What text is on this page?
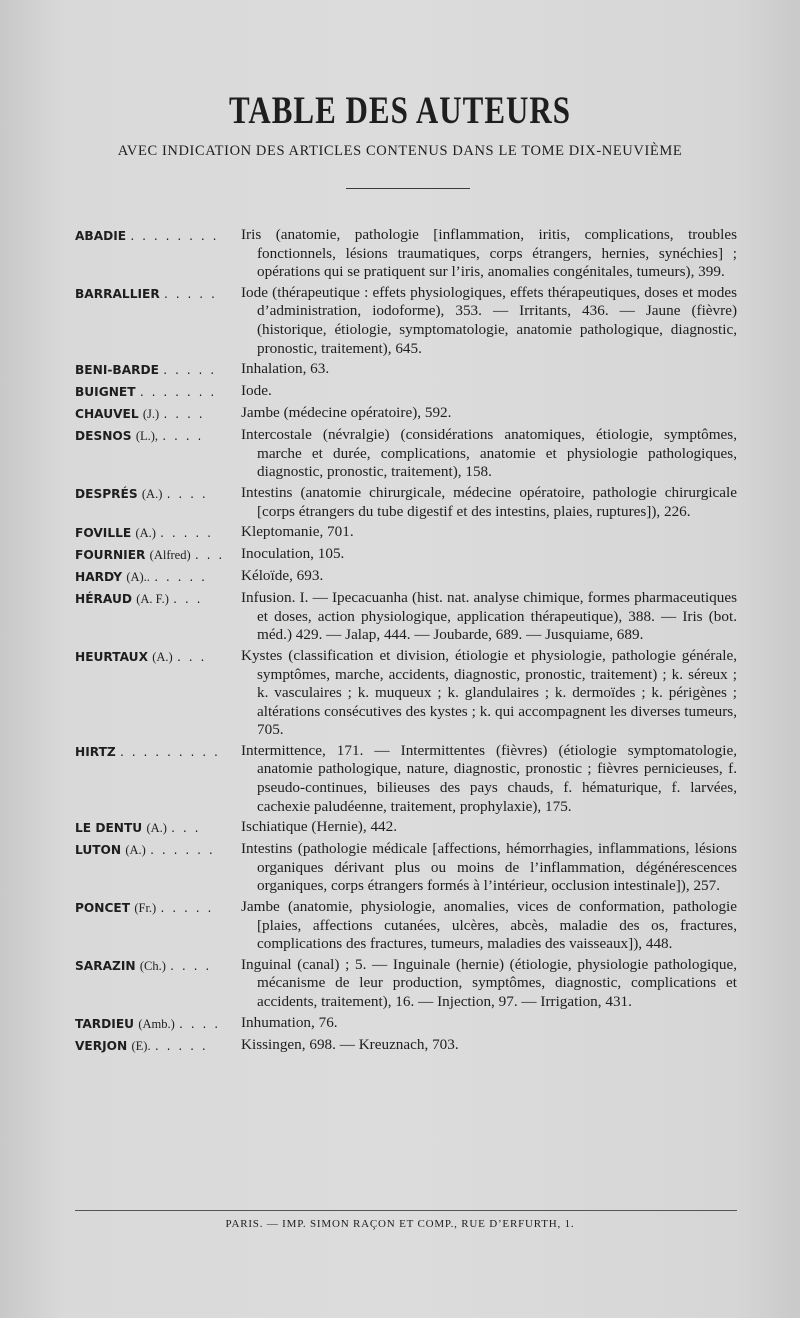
TABLE DES AUTEURS
AVEC INDICATION DES ARTICLES CONTENUS DANS LE TOME DIX-NEUVIÈME
ABADIE . . . . . . . .	Iris (anatomie, pathologie [inflammation, iritis, complications, troubles fonctionnels, lésions traumatiques, corps étrangers, hernies, synéchies] ; opérations qui se pratiquent sur l’iris, anomalies congénitales, tumeurs), 399.
BARRALLIER . . . . .	Iode (thérapeutique : effets physiologiques, effets thérapeutiques, doses et modes d’administration, iodoforme), 353. — Irritants, 436. — Jaune (fièvre) (historique, étiologie, symptomatologie, anatomie pathologique, diagnostic, pronostic, traitement), 645.
BENI-BARDE . . . . .	Inhalation, 63.
BUIGNET . . . . . . .	Iode.
CHAUVEL (J.) . . . .	Jambe (médecine opératoire), 592.
DESNOS (L.), . . . .	Intercostale (névralgie) (considérations anatomiques, étiologie, symptômes, marche et durée, complications, anatomie et physiologie pathologiques, diagnostic, pronostic, traitement), 158.
DESPRÉS (A.) . . . .	Intestins (anatomie chirurgicale, médecine opératoire, pathologie chirurgicale [corps étrangers du tube digestif et des intestins, plaies, ruptures]), 226.
FOVILLE (A.) . . . . .	Kleptomanie, 701.
FOURNIER (Alfred) . . .	Inoculation, 105.
HARDY (A).. . . . . .	Kéloïde, 693.
HÉRAUD (A. F.) . . .	Infusion. I. — Ipecacuanha (hist. nat. analyse chimique, formes pharmaceutiques et doses, action physiologique, application thérapeutique), 388. — Iris (bot. méd.) 429. — Jalap, 444. — Joubarde, 689. — Jusquiame, 689.
HEURTAUX (A.) . . .	Kystes (classification et division, étiologie et physiologie, pathologie générale, symptômes, marche, accidents, diagnostic, pronostic, traitement) ; k. séreux ; k. vasculaires ; k. muqueux ; k. glandulaires ; k. dermoïdes ; k. périgènes ; altérations consécutives des kystes ; k. qui accompagnent les diverses tumeurs, 705.
HIRTZ . . . . . . . . .	Intermittence, 171. — Intermittentes (fièvres) (étiologie symptomatologie, anatomie pathologique, nature, diagnostic, pronostic ; fièvres pernicieuses, f. pseudo-continues, bilieuses des pays chauds, f. hématurique, f. larvées, cachexie paludéenne, traitement, prophylaxie), 175.
LE DENTU (A.) . . .	Ischiatique (Hernie), 442.
LUTON (A.) . . . . . .	Intestins (pathologie médicale [affections, hémorrhagies, inflammations, lésions organiques dérivant plus ou moins de l’inflammation, dégénérescences organiques, corps étrangers formés à l’intérieur, occlusion intestinale]), 257.
PONCET (Fr.) . . . . .	Jambe (anatomie, physiologie, anomalies, vices de conformation, pathologie [plaies, affections cutanées, ulcères, abcès, maladie des os, fractures, complications des fractures, tumeurs, maladies des vaisseaux]), 448.
SARAZIN (Ch.) . . . .	Inguinal (canal) ; 5. — Inguinale (hernie) (étiologie, physiologie pathologique, mécanisme de leur production, symptômes, diagnostic, complications et accidents, traitement), 16. — Injection, 97. — Irrigation, 431.
TARDIEU (Amb.) . . . .	Inhumation, 76.
VERJON (E). . . . . .	Kissingen, 698. — Kreuznach, 703.
PARIS. — IMP. SIMON RAÇON ET COMP., RUE D’ERFURTH, 1.
